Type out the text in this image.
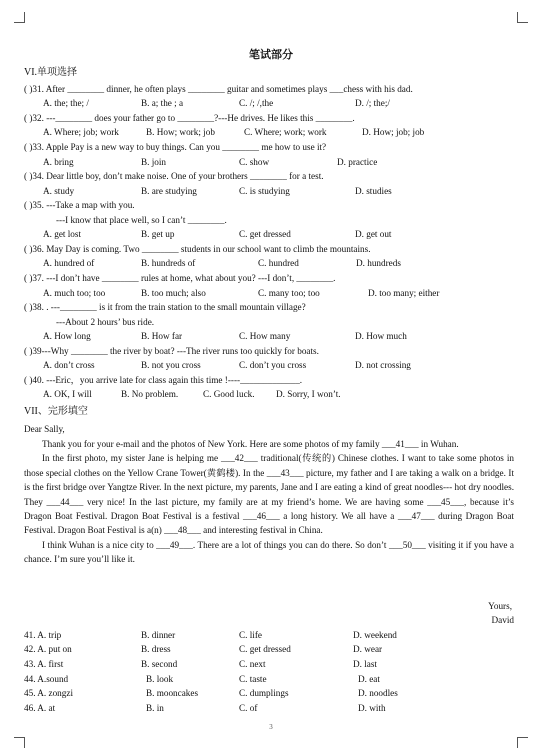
笔试部分
VI.单项选择
( )31. After ________ dinner, he often plays ________ guitar and sometimes plays ___chess with his dad.
A. the; the; /	B. a; the ; a	C. /; /,the	D. /; the;/
( )32. ---________ does your father go to ________?---He drives. He likes this ________.
A. Where; job; work	B. How; work; job	C. Where; work; work	D. How; job; job
( )33. Apple Pay is a new way to buy things. Can you ________ me how to use it?
A. bring	B. join	C. show	D. practice
( )34. Dear little boy, don’t make noise. One of your brothers ________ for a test.
A. study	B. are studying	C. is studying	D. studies
( )35. ---Take a map with you.
---I know that place well, so I can’t ________.
A. get lost	B. get up	C. get dressed	D. get out
( )36. May Day is coming. Two ________ students in our school want to climb the mountains.
A. hundred of	B. hundreds of	C. hundred	D. hundreds
( )37. ---I don’t have ________ rules at home, what about you? ---I don’t, ________.
A. much too; too	B. too much; also	C. many too; too	D. too many; either
( )38. . ---________ is it from the train station to the small mountain village?
---About 2 hours’ bus ride.
A. How long	B. How far	C. How many	D. How much
( )39---Why ________ the river by boat? ---The river runs too quickly for boats.
A. don’t cross	B. not you cross	C. don’t you cross	D. not crossing
( )40. ---Eric，you arrive late for class again this time !----_____________.
A. OK, I will	B. No problem.	C. Good luck. D. Sorry, I won’t.
VII、完形填空
Dear Sally,

Thank you for your e-mail and the photos of New York. Here are some photos of my family ___41___ in Wuhan.

In the first photo, my sister Jane is helping me ___42___ traditional(传统的) Chinese clothes. I want to take some photos in those special clothes on the Yellow Crane Tower(黄鹤楼). In the ___43___ picture, my father and I are taking a walk on a bridge. It is the first bridge over Yangtze River. In the next picture, my parents, Jane and I are eating a kind of great noodles--- hot dry noodles. They ___44___ very nice! In the last picture, my family are at my friend’s home. We are having some ___45___, because it’s Dragon Boat Festival. Dragon Boat Festival is a festival ___46___ a long history. We all have a ___47___ during Dragon Boat Festival. Dragon Boat Festival is a(n) ___48___ and interesting festival in China.

I think Wuhan is a nice city to ___49___. There are a lot of things you can do there. So don’t ___50___ visiting it if you have a chance. I’m sure you’ll like it.

Yours,
David
41. A. trip	B. dinner	C. life	D. weekend
42. A. put on	B. dress	C. get dressed	D. wear
43. A. first	B. second	C. next	D. last
44. A.sound	B. look	C. taste	D. eat
45. A. zongzi	B. mooncakes	C. dumplings	D. noodles
46. A. at	B. in	C. of	D. with
3
